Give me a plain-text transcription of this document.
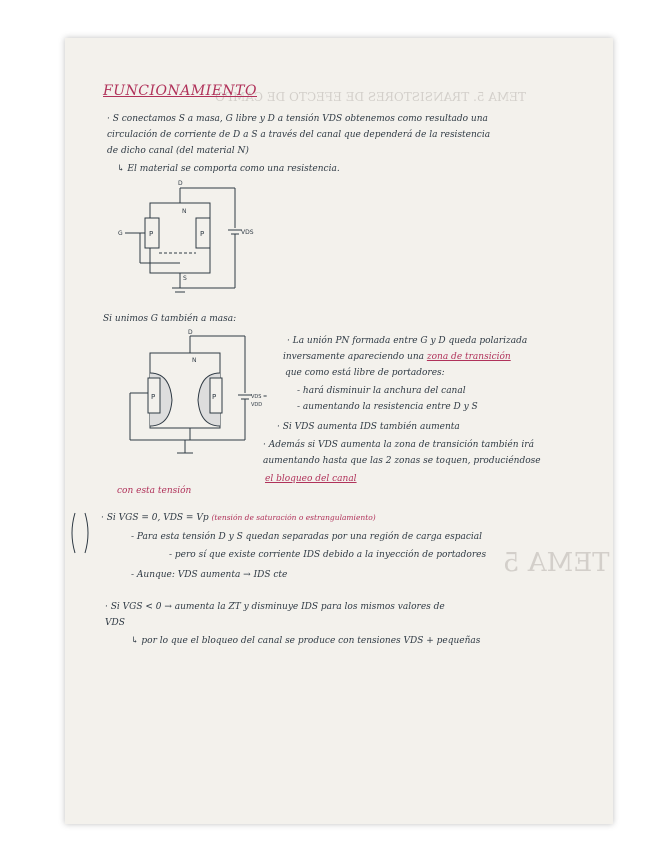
TEMA 5. TRANSISTORES DE EFECTO DE CAMPO
TEMA 5
FUNCIONAMIENTO
· S conectamos S a masa, G libre y D a tensión VDS obtenemos como resultado una
circulación de corriente de D a S a través del canal que dependerá de la resistencia
de dicho canal (del material N)
↳ El material se comporta como una resistencia.
D
G
S
N
P	P	VDS
Si unimos G también a masa:
D
N
P	P	VDS =
VDD
· La unión PN formada entre G y D queda polarizada
inversamente apareciendo una zona de transición
que como está libre de portadores:
- hará disminuir la anchura del canal
- aumentando la resistencia entre D y S
· Si VDS aumenta IDS también aumenta
· Además si VDS aumenta la zona de transición también irá
aumentando hasta que las 2 zonas se toquen, produciéndose
el bloqueo del canal
con esta tensión
· Si VGS = 0, VDS = Vp (tensión de saturación o estrangulamiento)
- Para esta tensión D y S quedan separadas por una región de carga espacial
- pero sí que existe corriente IDS debido a la inyección de portadores
- Aunque: VDS aumenta → IDS cte
· Si VGS < 0 → aumenta la ZT y disminuye IDS para los mismos valores de
VDS
↳ por lo que el bloqueo del canal se produce con tensiones VDS + pequeñas
